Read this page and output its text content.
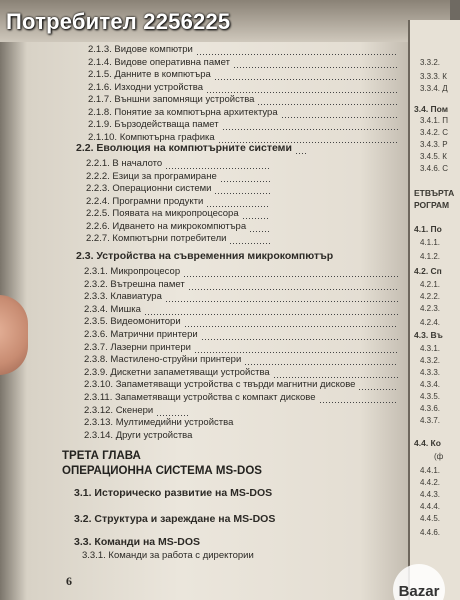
Потребител 2256225
3.3.2.
3.3.3. К
3.3.4. Д
3.4. Пом
3.4.1. П
3.4.2. С
3.4.3. Р
3.4.5. К
3.4.6. С
ЕТВЪРТА
РОГРАМ
4.1. По
4.1.1.
4.1.2.
4.2. Сп
4.2.1.
4.2.2.
4.2.3.
4.2.4.
4.3. Въ
4.3.1.
4.3.2.
4.3.3.
4.3.4.
4.3.5.
4.3.6.
4.3.7.
4.4. Ко
(ф
4.4.1.
4.4.2.
4.4.3.
4.4.4.
4.4.5.
4.4.6.
2.1.3. Видове компютри
2.1.4. Видове оперативна памет
2.1.5. Данните в компютъра
2.1.6. Изходни устройства
2.1.7. Външни запомнящи устройства
2.1.8. Понятие за компютърна архитектура
2.1.9. Бързодействаща памет
2.1.10. Компютърна графика
2.2. Еволюция на компютърните системи
2.2.1. В началото
2.2.2. Езици за програмиране
2.2.3. Операционни системи
2.2.4. Програмни продукти
2.2.5. Появата на микропроцесора
2.2.6. Идването на микрокомпютъра
2.2.7. Компютърни потребители
2.3. Устройства на съвременния микрокомпютър
2.3.1. Микропроцесор
2.3.2. Вътрешна памет
2.3.3. Клавиатура
2.3.4. Мишка
2.3.5. Видеомонитори
2.3.6. Матрични принтери
2.3.7. Лазерни принтери
2.3.8. Мастилено-струйни принтери
2.3.9. Дискетни запаметяващи устройства
2.3.10. Запаметяващи устройства с твърди магнитни дискове
2.3.11. Запаметяващи устройства с компакт дискове
2.3.12. Скенери
2.3.13. Мултимедийни устройства
2.3.14. Други устройства
ТРЕТА ГЛАВА
ОПЕРАЦИОННА СИСТЕМА MS-DOS
3.1. Историческо развитие на MS-DOS
3.2. Структура и зареждане на MS-DOS
3.3. Команди на MS-DOS
3.3.1. Команди за работа с директории
6
Bazar
